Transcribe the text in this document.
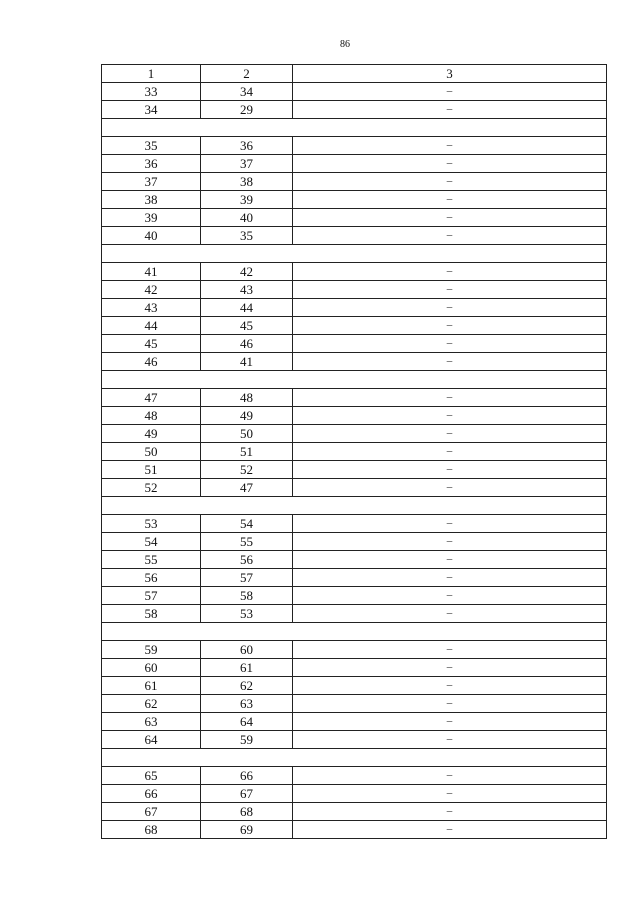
86
1	2	3
33	34	–
34	29	–

35	36	–
36	37	–
37	38	–
38	39	–
39	40	–
40	35	–

41	42	–
42	43	–
43	44	–
44	45	–
45	46	–
46	41	–

47	48	–
48	49	–
49	50	–
50	51	–
51	52	–
52	47	–

53	54	–
54	55	–
55	56	–
56	57	–
57	58	–
58	53	–

59	60	–
60	61	–
61	62	–
62	63	–
63	64	–
64	59	–

65	66	–
66	67	–
67	68	–
68	69	–
